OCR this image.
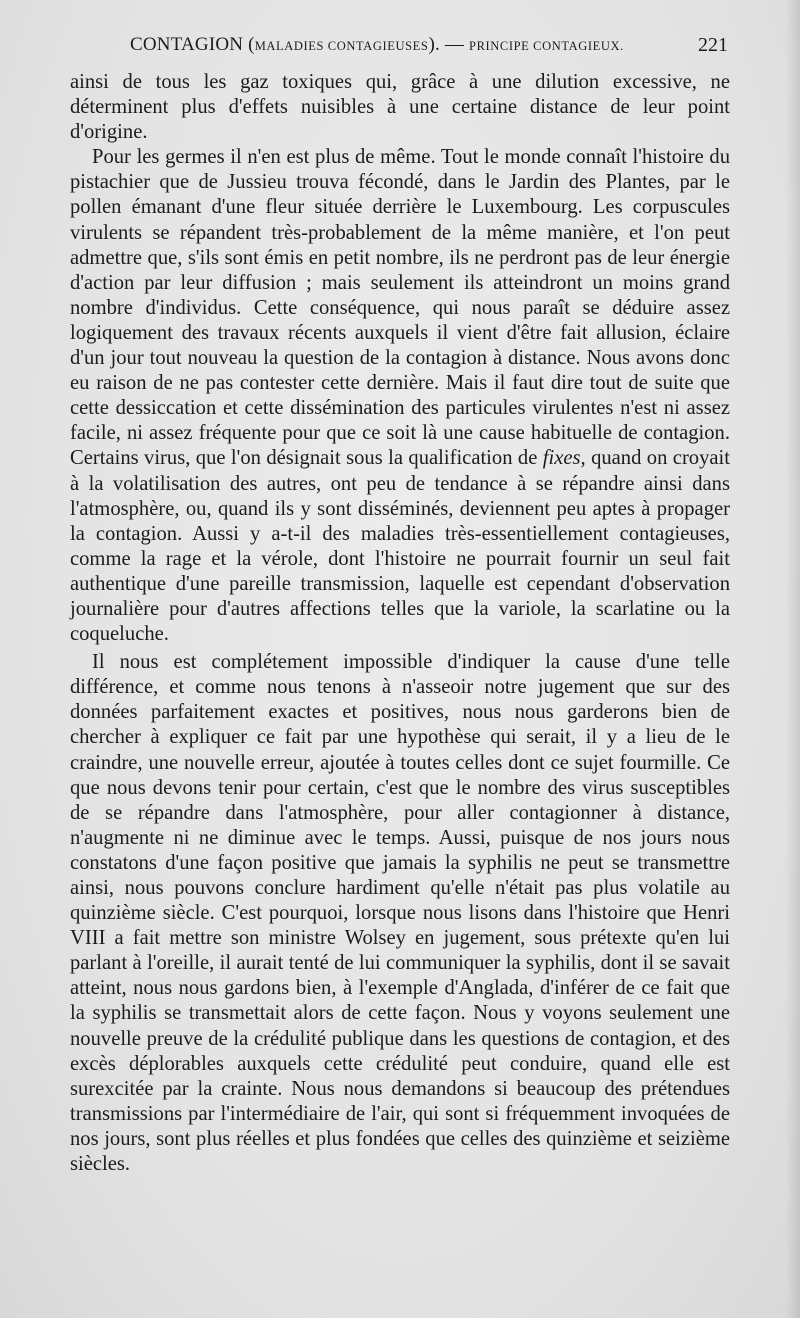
CONTAGION (MALADIES CONTAGIEUSES). — PRINCIPE CONTAGIEUX.	221

ainsi de tous les gaz toxiques qui, grâce à une dilution excessive, ne déterminent plus d'effets nuisibles à une certaine distance de leur point d'origine.

Pour les germes il n'en est plus de même. Tout le monde connaît l'histoire du pistachier que de Jussieu trouva fécondé, dans le Jardin des Plantes, par le pollen émanant d'une fleur située derrière le Luxembourg. Les corpuscules virulents se répandent très-probablement de la même manière, et l'on peut admettre que, s'ils sont émis en petit nombre, ils ne perdront pas de leur énergie d'action par leur diffusion ; mais seulement ils atteindront un moins grand nombre d'individus. Cette conséquence, qui nous paraît se déduire assez logiquement des travaux récents auxquels il vient d'être fait allusion, éclaire d'un jour tout nouveau la question de la contagion à distance. Nous avons donc eu raison de ne pas contester cette dernière. Mais il faut dire tout de suite que cette dessiccation et cette dissémination des particules virulentes n'est ni assez facile, ni assez fréquente pour que ce soit là une cause habituelle de contagion. Certains virus, que l'on désignait sous la qualification de fixes, quand on croyait à la volatilisation des autres, ont peu de tendance à se répandre ainsi dans l'atmosphère, ou, quand ils y sont disséminés, deviennent peu aptes à propager la contagion. Aussi y a-t-il des maladies très-essentiellement contagieuses, comme la rage et la vérole, dont l'histoire ne pourrait fournir un seul fait authentique d'une pareille transmission, laquelle est cependant d'observation journalière pour d'autres affections telles que la variole, la scarlatine ou la coqueluche.

Il nous est complétement impossible d'indiquer la cause d'une telle différence, et comme nous tenons à n'asseoir notre jugement que sur des données parfaitement exactes et positives, nous nous garderons bien de chercher à expliquer ce fait par une hypothèse qui serait, il y a lieu de le craindre, une nouvelle erreur, ajoutée à toutes celles dont ce sujet fourmille. Ce que nous devons tenir pour certain, c'est que le nombre des virus susceptibles de se répandre dans l'atmosphère, pour aller contagionner à distance, n'augmente ni ne diminue avec le temps. Aussi, puisque de nos jours nous constatons d'une façon positive que jamais la syphilis ne peut se transmettre ainsi, nous pouvons conclure hardiment qu'elle n'était pas plus volatile au quinzième siècle. C'est pourquoi, lorsque nous lisons dans l'histoire que Henri VIII a fait mettre son ministre Wolsey en jugement, sous prétexte qu'en lui parlant à l'oreille, il aurait tenté de lui communiquer la syphilis, dont il se savait atteint, nous nous gardons bien, à l'exemple d'Anglada, d'inférer de ce fait que la syphilis se transmettait alors de cette façon. Nous y voyons seulement une nouvelle preuve de la crédulité publique dans les questions de contagion, et des excès déplorables auxquels cette crédulité peut conduire, quand elle est surexcitée par la crainte. Nous nous demandons si beaucoup des prétendues transmissions par l'intermédiaire de l'air, qui sont si fréquemment invoquées de nos jours, sont plus réelles et plus fondées que celles des quinzième et seizième siècles.
